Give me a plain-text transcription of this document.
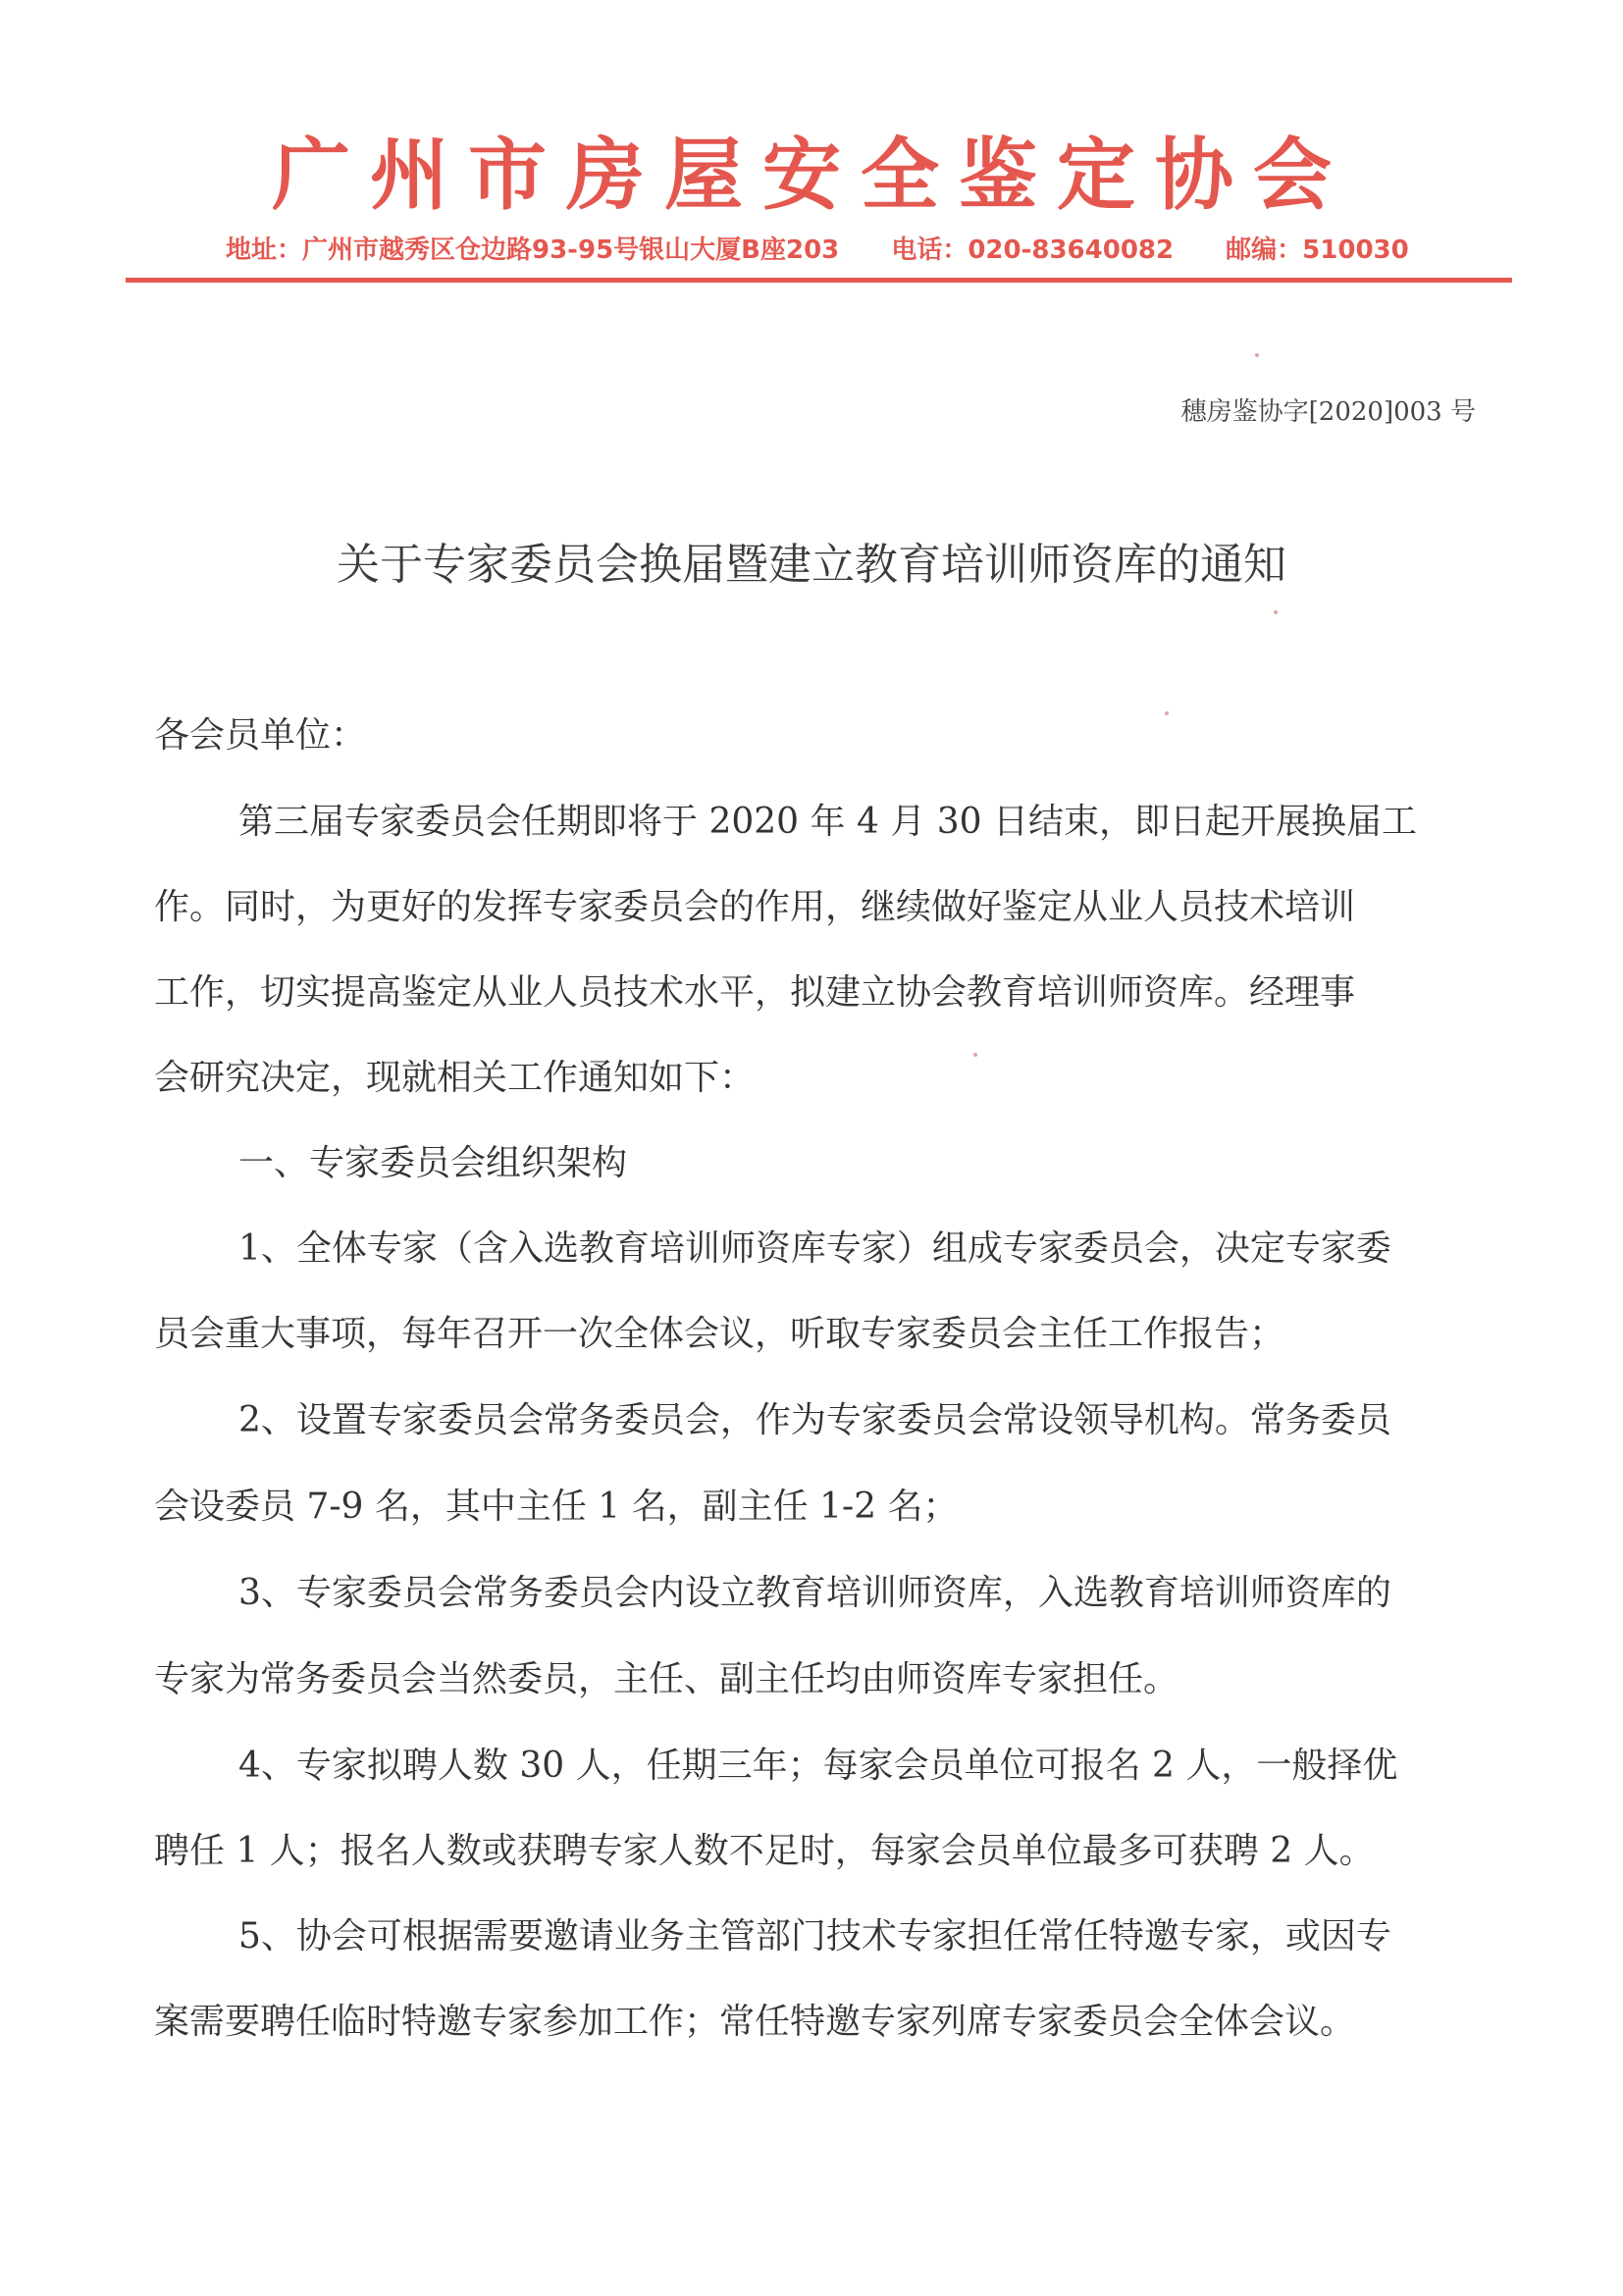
广州市房屋安全鉴定协会
地址：广州市越秀区仓边路93-95号银山大厦B座203 电话：020-83640082 邮编：510030
穗房鉴协字[2020]003 号
关于专家委员会换届暨建立教育培训师资库的通知
各会员单位：
第三届专家委员会任期即将于 2020 年 4 月 30 日结束，即日起开展换届工
作。同时，为更好的发挥专家委员会的作用，继续做好鉴定从业人员技术培训
工作，切实提高鉴定从业人员技术水平，拟建立协会教育培训师资库。经理事
会研究决定，现就相关工作通知如下：
一、专家委员会组织架构
1、全体专家（含入选教育培训师资库专家）组成专家委员会，决定专家委
员会重大事项，每年召开一次全体会议，听取专家委员会主任工作报告；
2、设置专家委员会常务委员会，作为专家委员会常设领导机构。常务委员
会设委员 7-9 名，其中主任 1 名，副主任 1-2 名；
3、专家委员会常务委员会内设立教育培训师资库，入选教育培训师资库的
专家为常务委员会当然委员，主任、副主任均由师资库专家担任。
4、专家拟聘人数 30 人，任期三年；每家会员单位可报名 2 人，一般择优
聘任 1 人；报名人数或获聘专家人数不足时，每家会员单位最多可获聘 2 人。
5、协会可根据需要邀请业务主管部门技术专家担任常任特邀专家，或因专
案需要聘任临时特邀专家参加工作；常任特邀专家列席专家委员会全体会议。
